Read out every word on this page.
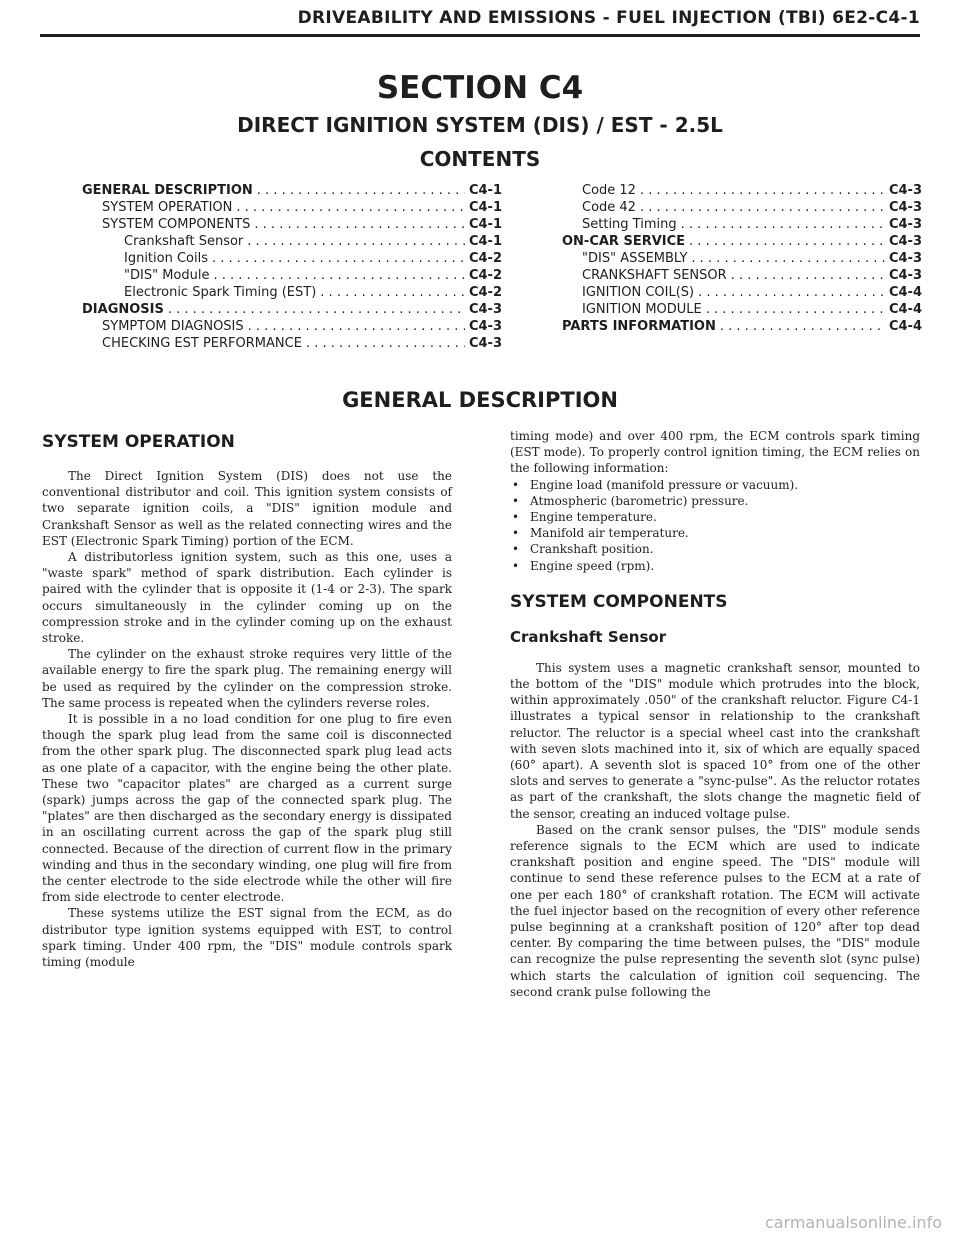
DRIVEABILITY AND EMISSIONS - FUEL INJECTION (TBI) 6E2-C4-1
SECTION C4
DIRECT IGNITION SYSTEM (DIS) / EST - 2.5L
CONTENTS
GENERAL DESCRIPTION . . .	C4-1
SYSTEM OPERATION . . .	C4-1
SYSTEM COMPONENTS . . .	C4-1
Crankshaft Sensor . . .	C4-1
Ignition Coils . . .	C4-2
"DIS" Module . . .	C4-2
Electronic Spark Timing (EST) . . .	C4-2
DIAGNOSIS . . .	C4-3
SYMPTOM DIAGNOSIS . . .	C4-3
CHECKING EST PERFORMANCE . . .	C4-3
Code 12 . . .	C4-3
Code 42 . . .	C4-3
Setting Timing . . .	C4-3
ON-CAR SERVICE . . .	C4-3
"DIS" ASSEMBLY . . .	C4-3
CRANKSHAFT SENSOR . . .	C4-3
IGNITION COIL(S) . . .	C4-4
IGNITION MODULE . . .	C4-4
PARTS INFORMATION . . .	C4-4
GENERAL DESCRIPTION
SYSTEM OPERATION

The Direct Ignition System (DIS) does not use the conventional distributor and coil. This ignition system consists of two separate ignition coils, a "DIS" ignition module and Crankshaft Sensor as well as the related connecting wires and the EST (Electronic Spark Timing) portion of the ECM.

A distributorless ignition system, such as this one, uses a "waste spark" method of spark distribution. Each cylinder is paired with the cylinder that is opposite it (1-4 or 2-3). The spark occurs simultaneously in the cylinder coming up on the compression stroke and in the cylinder coming up on the exhaust stroke.

The cylinder on the exhaust stroke requires very little of the available energy to fire the spark plug. The remaining energy will be used as required by the cylinder on the compression stroke. The same process is repeated when the cylinders reverse roles.

It is possible in a no load condition for one plug to fire even though the spark plug lead from the same coil is disconnected from the other spark plug. The disconnected spark plug lead acts as one plate of a capacitor, with the engine being the other plate. These two "capacitor plates" are charged as a current surge (spark) jumps across the gap of the connected spark plug. The "plates" are then discharged as the secondary energy is dissipated in an oscillating current across the gap of the spark plug still connected. Because of the direction of current flow in the primary winding and thus in the secondary winding, one plug will fire from the center electrode to the side electrode while the other will fire from side electrode to center electrode.

These systems utilize the EST signal from the ECM, as do distributor type ignition systems equipped with EST, to control spark timing. Under 400 rpm, the "DIS" module controls spark timing (module

timing mode) and over 400 rpm, the ECM controls spark timing (EST mode). To properly control ignition timing, the ECM relies on the following information:

• Engine load (manifold pressure or vacuum).
• Atmospheric (barometric) pressure.
• Engine temperature.
• Manifold air temperature.
• Crankshaft position.
• Engine speed (rpm).
SYSTEM COMPONENTS
Crankshaft Sensor

This system uses a magnetic crankshaft sensor, mounted to the bottom of the "DIS" module which protrudes into the block, within approximately .050" of the crankshaft reluctor. Figure C4-1 illustrates a typical sensor in relationship to the crankshaft reluctor. The reluctor is a special wheel cast into the crankshaft with seven slots machined into it, six of which are equally spaced (60° apart). A seventh slot is spaced 10° from one of the other slots and serves to generate a "sync-pulse". As the reluctor rotates as part of the crankshaft, the slots change the magnetic field of the sensor, creating an induced voltage pulse.

Based on the crank sensor pulses, the "DIS" module sends reference signals to the ECM which are used to indicate crankshaft position and engine speed. The "DIS" module will continue to send these reference pulses to the ECM at a rate of one per each 180° of crankshaft rotation. The ECM will activate the fuel injector based on the recognition of every other reference pulse beginning at a crankshaft position of 120° after top dead center. By comparing the time between pulses, the "DIS" module can recognize the pulse representing the seventh slot (sync pulse) which starts the calculation of ignition coil sequencing. The second crank pulse following the

carmanualsonline.info
